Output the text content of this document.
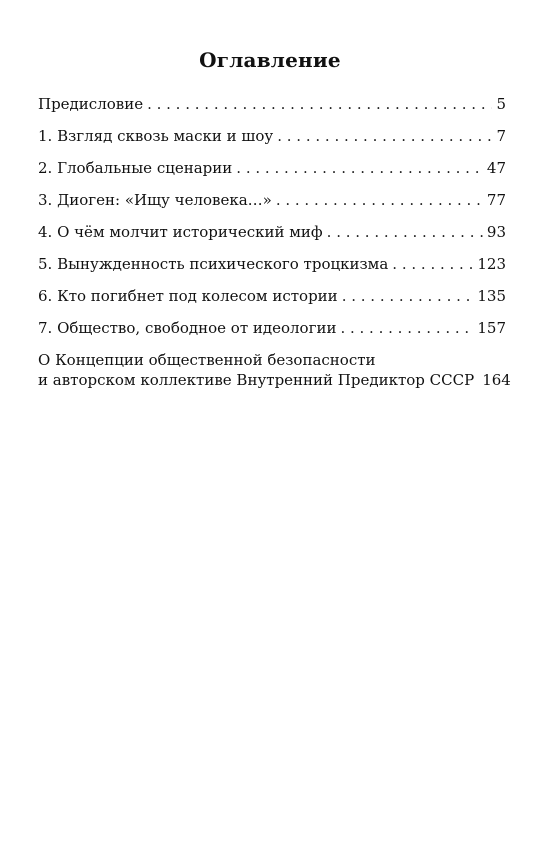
Оглавление
Предисловие . . .	5
1. Взгляд сквозь маски и шоу . . .	7
2. Глобальные сценарии . . .	47
3. Диоген: «Ищу человека…» . . .	77
4. О чём молчит исторический миф . . .	93
5. Вынужденность психического троцкизма . . .	123
6. Кто погибнет под колесом истории . . .	135
7. Общество, свободное от идеологии . . .	157
О Концепции общественной безопасности
и авторском коллективе Внутренний Предиктор СССР 164
